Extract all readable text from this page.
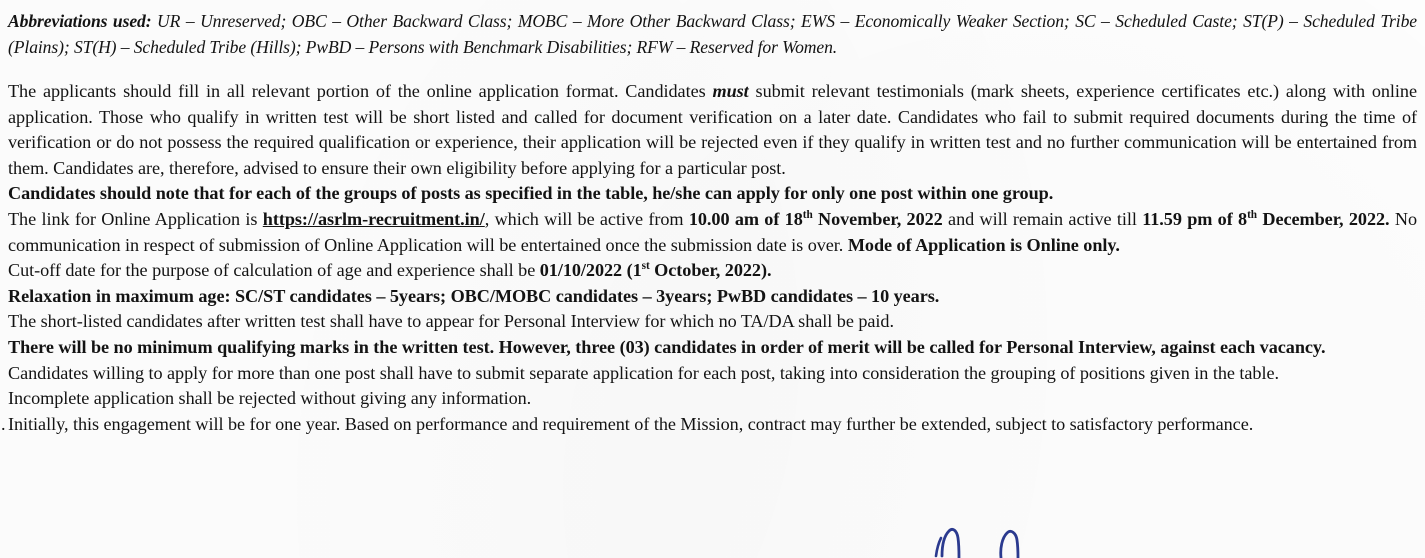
Abbreviations used: UR – Unreserved; OBC – Other Backward Class; MOBC – More Other Backward Class; EWS – Economically Weaker Section; SC – Scheduled Caste; ST(P) – Scheduled Tribe (Plains); ST(H) – Scheduled Tribe (Hills); PwBD – Persons with Benchmark Disabilities; RFW – Reserved for Women.

The applicants should fill in all relevant portion of the online application format. Candidates must submit relevant testimonials (mark sheets, experience certificates etc.) along with online application. Those who qualify in written test will be short listed and called for document verification on a later date. Candidates who fail to submit required documents during the time of verification or do not possess the required qualification or experience, their application will be rejected even if they qualify in written test and no further communication will be entertained from them. Candidates are, therefore, advised to ensure their own eligibility before applying for a particular post.

Candidates should note that for each of the groups of posts as specified in the table, he/she can apply for only one post within one group.

The link for Online Application is https://asrlm-recruitment.in/, which will be active from 10.00 am of 18th November, 2022 and will remain active till 11.59 pm of 8th December, 2022. No communication in respect of submission of Online Application will be entertained once the submission date is over. Mode of Application is Online only.

Cut-off date for the purpose of calculation of age and experience shall be 01/10/2022 (1st October, 2022).

Relaxation in maximum age: SC/ST candidates – 5years; OBC/MOBC candidates – 3years; PwBD candidates – 10 years.

The short-listed candidates after written test shall have to appear for Personal Interview for which no TA/DA shall be paid.

There will be no minimum qualifying marks in the written test. However, three (03) candidates in order of merit will be called for Personal Interview, against each vacancy.

Candidates willing to apply for more than one post shall have to submit separate application for each post, taking into consideration the grouping of positions given in the table.

Incomplete application shall be rejected without giving any information.

. Initially, this engagement will be for one year. Based on performance and requirement of the Mission, contract may further be extended, subject to satisfactory performance.
